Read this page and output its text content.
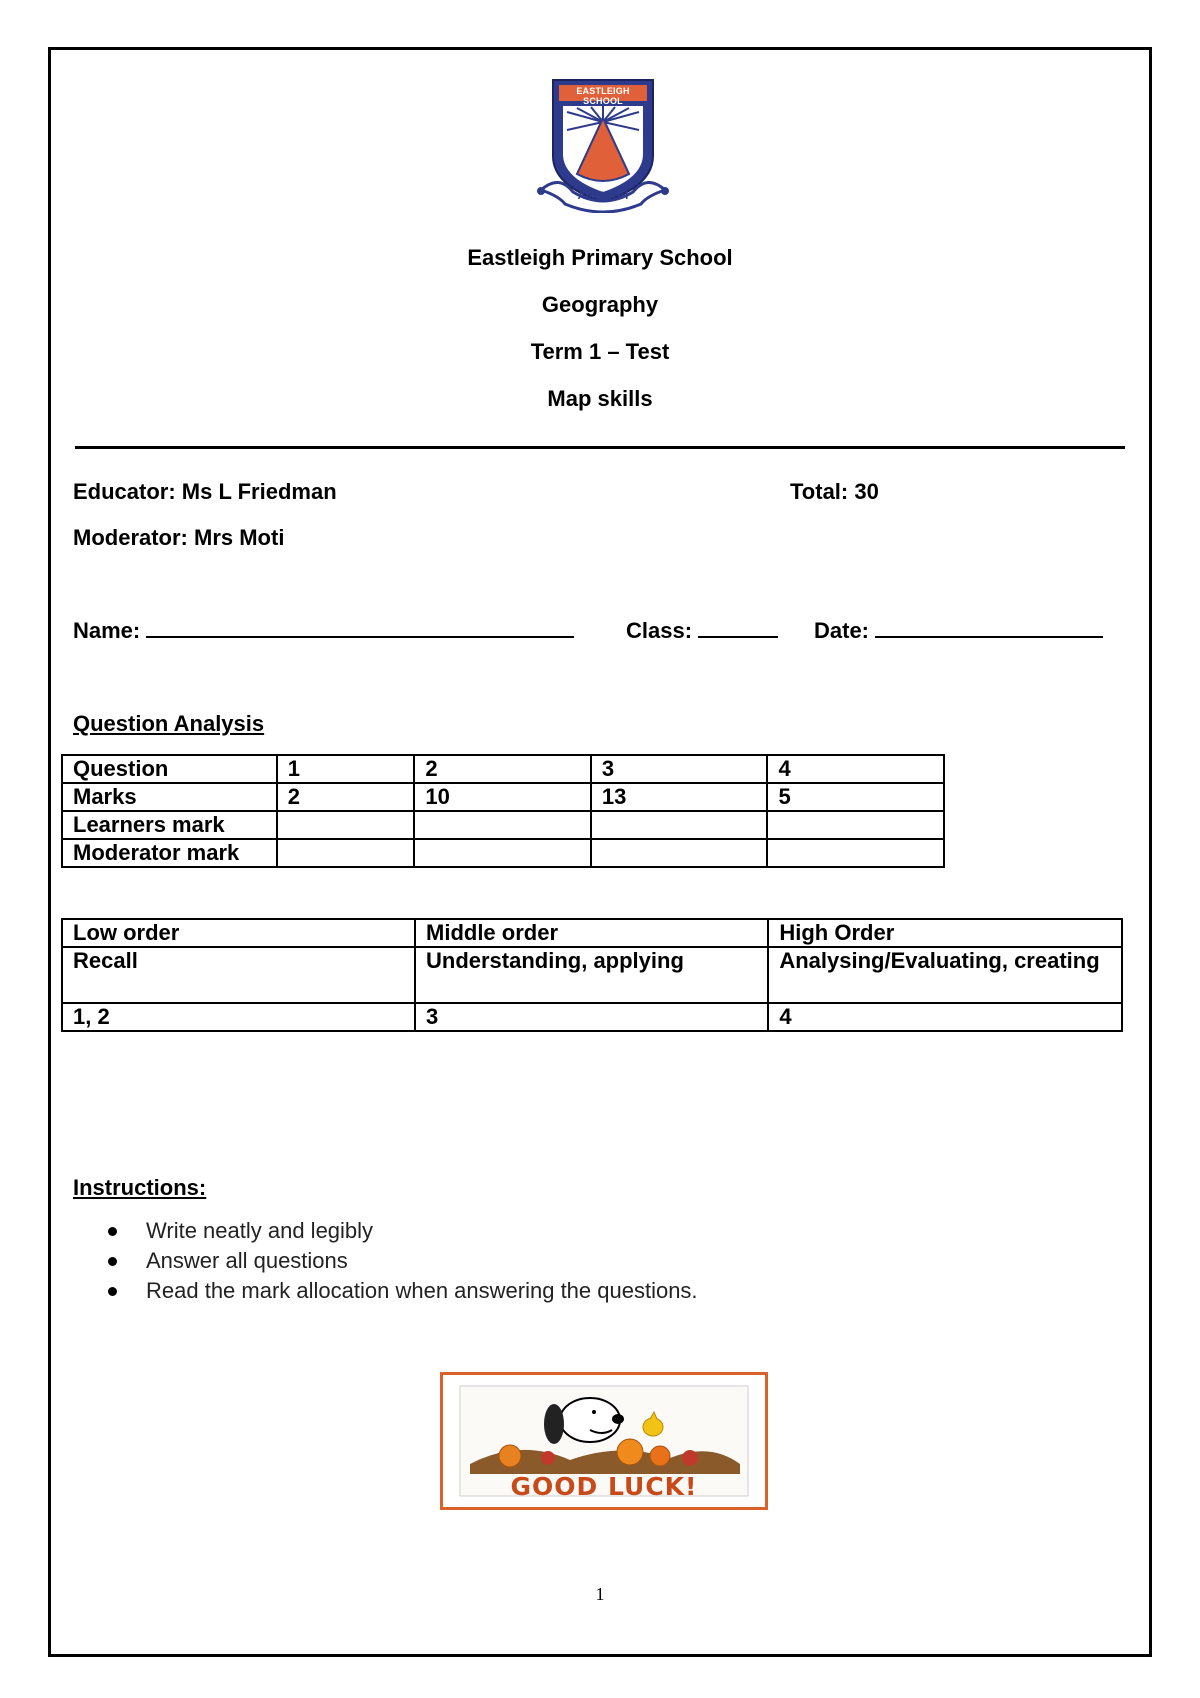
EASTLEIGH SCHOOL
AIM HIGH
Eastleigh Primary School
Geography
Term 1 – Test
Map skills
Educator: Ms L Friedman	Total: 30
Moderator: Mrs Moti
Name:	Class:	Date:
Question Analysis
Question	1	2	3	4
Marks	2	10	13	5
Learners mark				
Moderator mark				
Low order	Middle order	High Order
Recall	Understanding, applying	Analysing/Evaluating, creating
1, 2	3	4
Instructions:
Write neatly and legibly
Answer all questions
Read the mark allocation when answering the questions.
GOOD LUCK!
1
